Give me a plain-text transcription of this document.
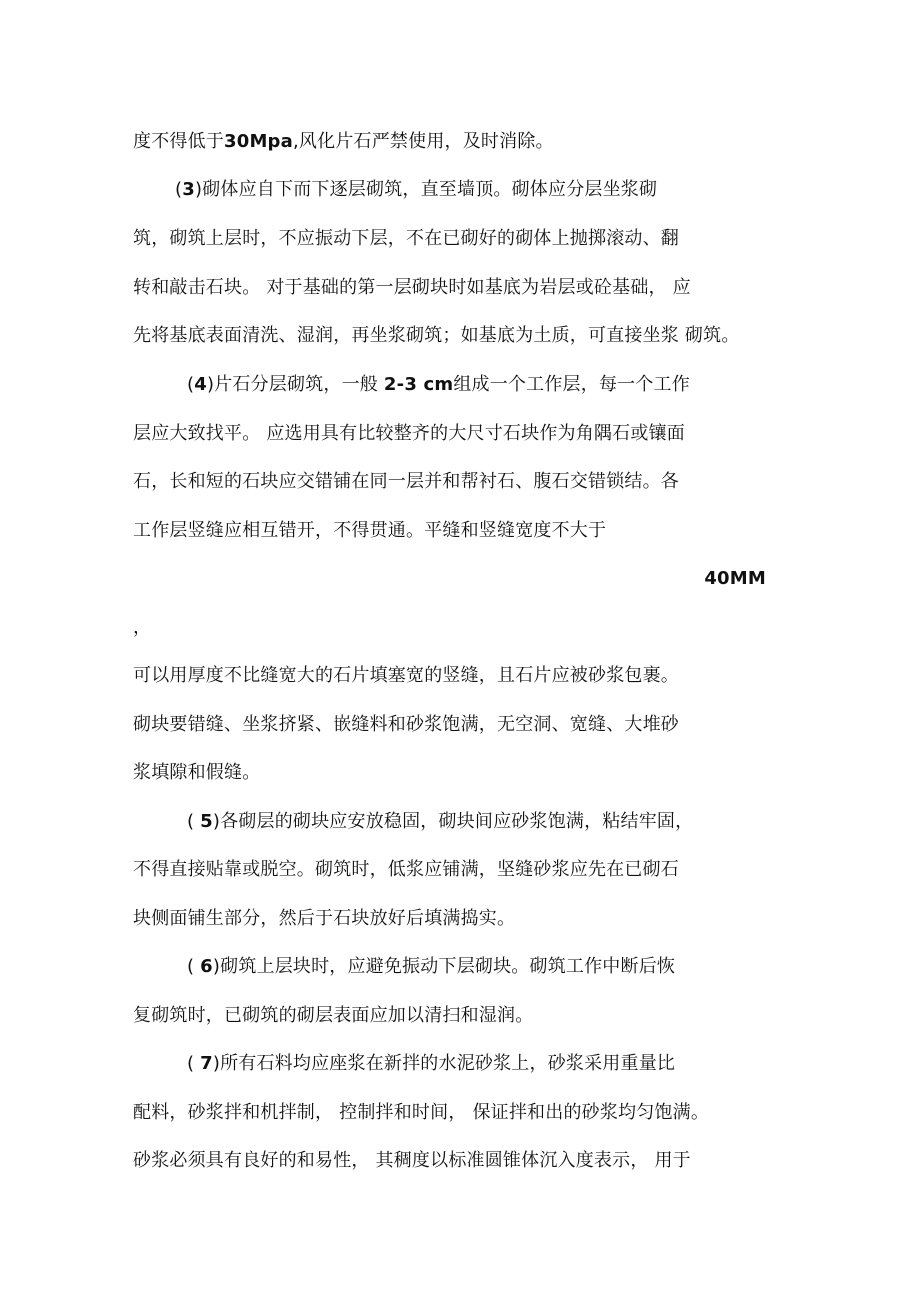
度不得低于30Mpa,风化片石严禁使用，及时消除。
(3)砌体应自下而下逐层砌筑，直至墙顶。砌体应分层坐浆砌
筑，砌筑上层时，不应振动下层，不在已砌好的砌体上抛掷滚动、翻
转和敲击石块。 对于基础的第一层砌块时如基底为岩层或砼基础， 应
先将基底表面清洗、湿润，再坐浆砌筑；如基底为土质，可直接坐浆 砌筑。
(4)片石分层砌筑，一般 2-3 cm组成一个工作层，每一个工作
层应大致找平。 应选用具有比较整齐的大尺寸石块作为角隅石或镶面
石，长和短的石块应交错铺在同一层并和帮衬石、腹石交错锁结。各
工作层竖缝应相互错开，不得贯通。平缝和竖缝宽度不大于
40MM
，
可以用厚度不比缝宽大的石片填塞宽的竖缝，且石片应被砂浆包裹。
砌块要错缝、坐浆挤紧、嵌缝料和砂浆饱满，无空洞、宽缝、大堆砂
浆填隙和假缝。
( 5)各砌层的砌块应安放稳固，砌块间应砂浆饱满，粘结牢固，
不得直接贴靠或脱空。砌筑时，低浆应铺满，坚缝砂浆应先在已砌石
块侧面铺生部分，然后于石块放好后填满捣实。
( 6)砌筑上层块时，应避免振动下层砌块。砌筑工作中断后恢
复砌筑时，已砌筑的砌层表面应加以清扫和湿润。
( 7)所有石料均应座浆在新拌的水泥砂浆上，砂浆采用重量比
配料，砂浆拌和机拌制， 控制拌和时间， 保证拌和出的砂浆均匀饱满。
砂浆必须具有良好的和易性， 其稠度以标准圆锥体沉入度表示， 用于
